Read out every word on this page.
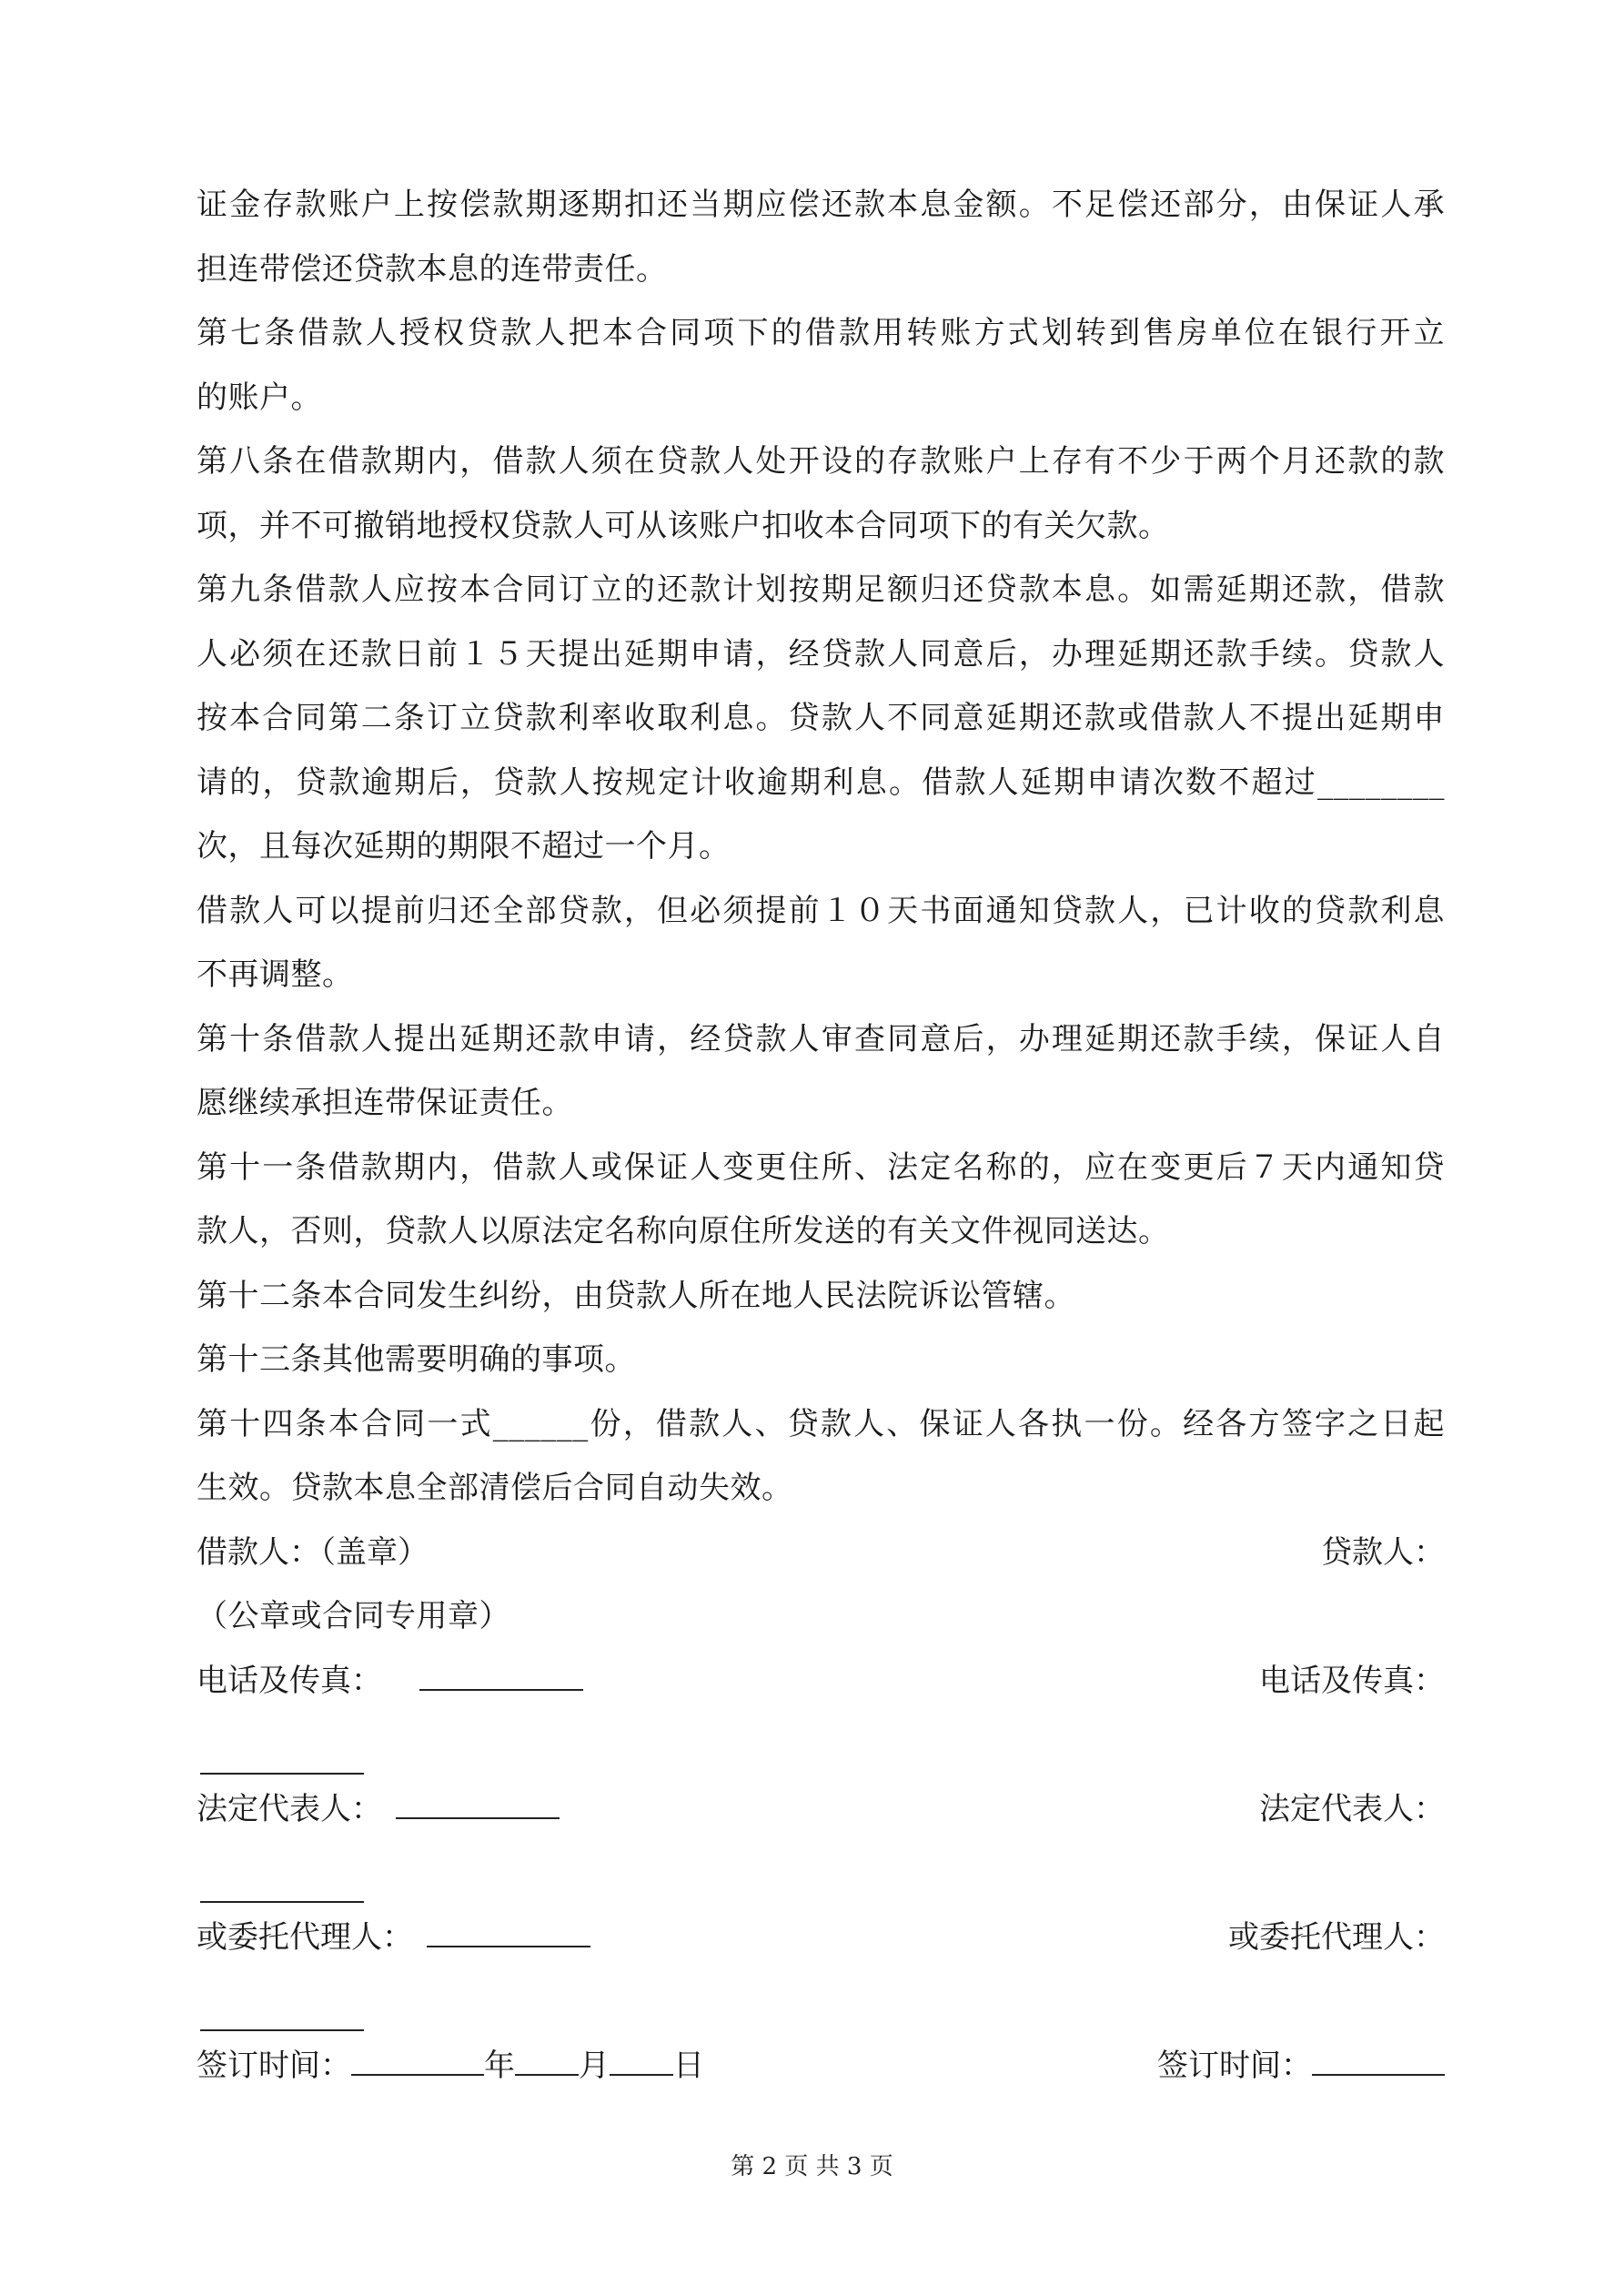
证金存款账户上按偿款期逐期扣还当期应偿还款本息金额。不足偿还部分，由保证人承
担连带偿还贷款本息的连带责任。
第七条借款人授权贷款人把本合同项下的借款用转账方式划转到售房单位在银行开立
的账户。
第八条在借款期内，借款人须在贷款人处开设的存款账户上存有不少于两个月还款的款
项，并不可撤销地授权贷款人可从该账户扣收本合同项下的有关欠款。
第九条借款人应按本合同订立的还款计划按期足额归还贷款本息。如需延期还款，借款
人必须在还款日前１５天提出延期申请，经贷款人同意后，办理延期还款手续。贷款人
按本合同第二条订立贷款利率收取利息。贷款人不同意延期还款或借款人不提出延期申
请的，贷款逾期后，贷款人按规定计收逾期利息。借款人延期申请次数不超过________
次，且每次延期的期限不超过一个月。
借款人可以提前归还全部贷款，但必须提前１０天书面通知贷款人，已计收的贷款利息
不再调整。
第十条借款人提出延期还款申请，经贷款人审查同意后，办理延期还款手续，保证人自
愿继续承担连带保证责任。
第十一条借款期内，借款人或保证人变更住所、法定名称的，应在变更后７天内通知贷
款人，否则，贷款人以原法定名称向原住所发送的有关文件视同送达。
第十二条本合同发生纠纷，由贷款人所在地人民法院诉讼管辖。
第十三条其他需要明确的事项。
第十四条本合同一式______份，借款人、贷款人、保证人各执一份。经各方签字之日起
生效。贷款本息全部清偿后合同自动失效。
借款人：（盖章）	贷款人：
（公章或合同专用章）
电话及传真：	电话及传真：
法定代表人：	法定代表人：
或委托代理人：	或委托代理人：
签订时间：	年 月 日	签订时间：
第 2 页 共 3 页
